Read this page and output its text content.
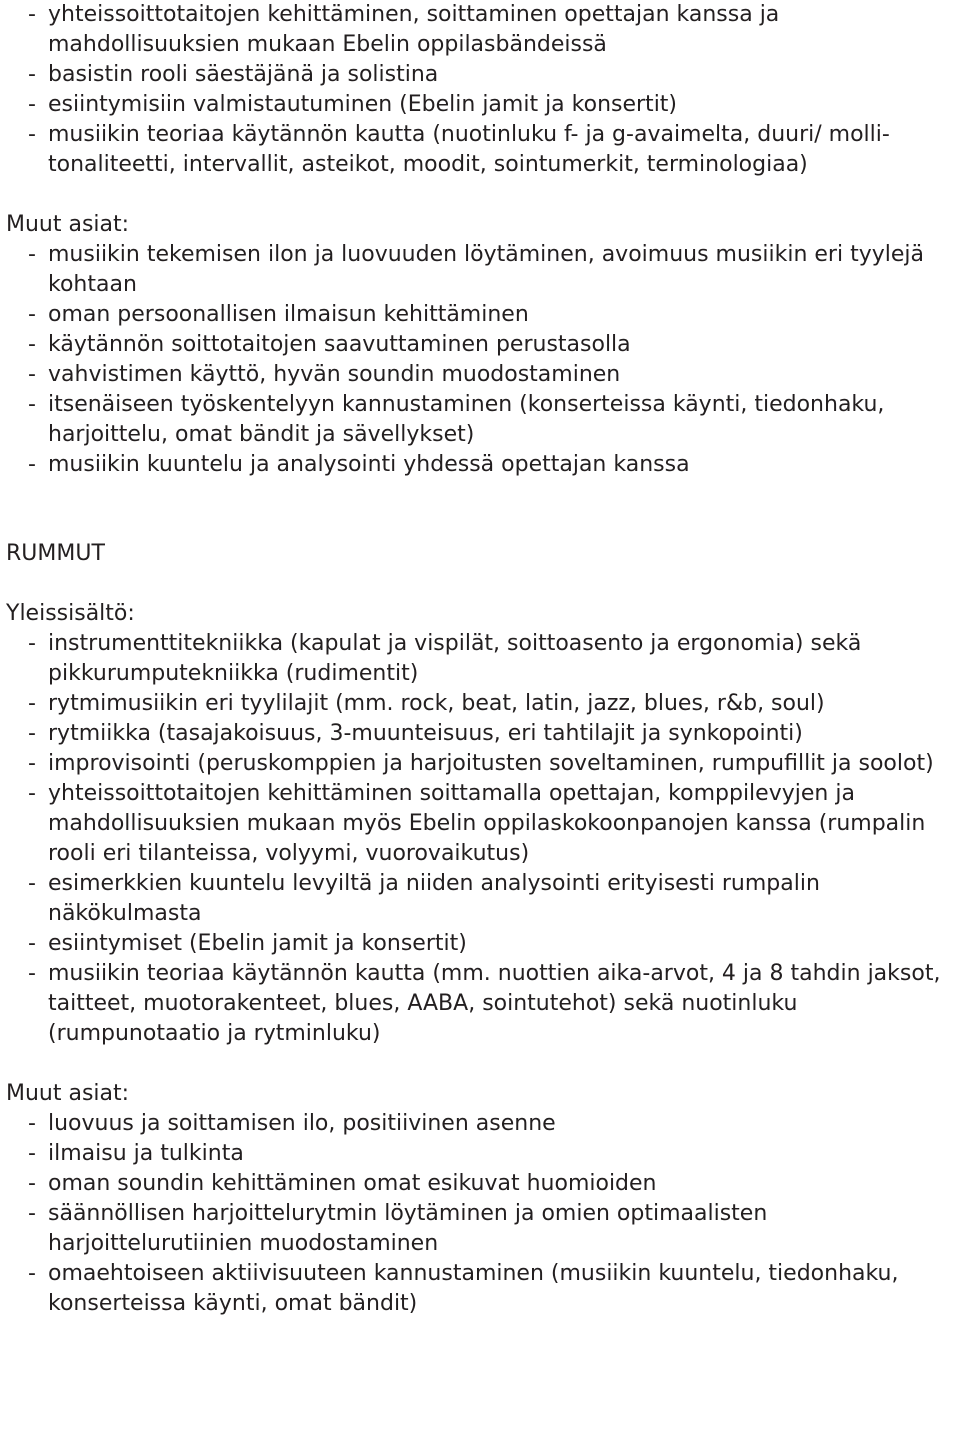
- yhteissoittotaitojen kehittäminen, soittaminen opettajan kanssa ja mahdollisuuksien mukaan Ebelin oppilasbändeissä
- basistin rooli säestäjänä ja solistina
- esiintymisiin valmistautuminen (Ebelin jamit ja konsertit)
- musiikin teoriaa käytännön kautta (nuotinluku f- ja g-avaimelta, duuri/ molli-tonaliteetti, intervallit, asteikot, moodit, sointumerkit, terminologiaa)

Muut asiat:

- musiikin tekemisen ilon ja luovuuden löytäminen, avoimuus musiikin eri tyylejä kohtaan
- oman persoonallisen ilmaisun kehittäminen
- käytännön soittotaitojen saavuttaminen perustasolla
- vahvistimen käyttö, hyvän soundin muodostaminen
- itsenäiseen työskentelyyn kannustaminen (konserteissa käynti, tiedonhaku, harjoittelu, omat bändit ja sävellykset)
- musiikin kuuntelu ja analysointi yhdessä opettajan kanssa

RUMMUT

Yleissisältö:

- instrumenttitekniikka (kapulat ja vispilät, soittoasento ja ergonomia) sekä pikkurumputekniikka (rudimentit)
- rytmimusiikin eri tyylilajit (mm. rock, beat, latin, jazz, blues, r&b, soul)
- rytmiikka (tasajakoisuus, 3-muunteisuus, eri tahtilajit ja synkopointi)
- improvisointi (peruskomppien ja harjoitusten soveltaminen, rumpufillit ja soolot)
- yhteissoittotaitojen kehittäminen soittamalla opettajan, komppilevyjen ja mahdollisuuksien mukaan myös Ebelin oppilaskokoonpanojen kanssa (rumpalin rooli eri tilanteissa, volyymi, vuorovaikutus)
- esimerkkien kuuntelu levyiltä ja niiden analysointi erityisesti rumpalin näkökulmasta
- esiintymiset (Ebelin jamit ja konsertit)
- musiikin teoriaa käytännön kautta (mm. nuottien aika-arvot, 4 ja 8 tahdin jaksot, taitteet, muotorakenteet, blues, AABA, sointutehot) sekä nuotinluku (rumpunotaatio ja rytminluku)

Muut asiat:

- luovuus ja soittamisen ilo, positiivinen asenne
- ilmaisu ja tulkinta
- oman soundin kehittäminen omat esikuvat huomioiden
- säännöllisen harjoittelurytmin löytäminen ja omien optimaalisten harjoittelurutiinien muodostaminen
- omaehtoiseen aktiivisuuteen kannustaminen (musiikin kuuntelu, tiedonhaku, konserteissa käynti, omat bändit)
